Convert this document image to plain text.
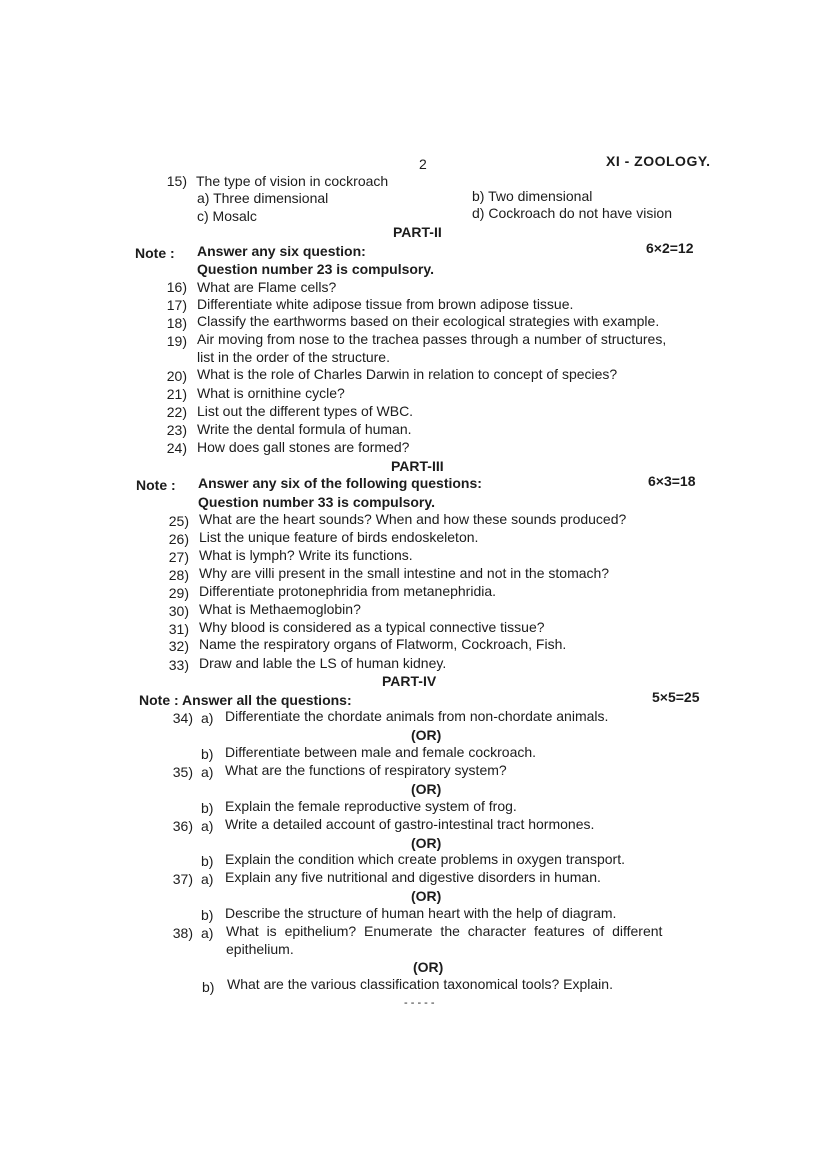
2	XI - ZOOLOGY.
15) The type of vision in cockroach
a) Three dimensional	b) Two dimensional
c) Mosalc	d) Cockroach do not have vision
PART-II
Note : Answer any six question:	6×2=12
Question number 23 is compulsory.
16) What are Flame cells?
17) Differentiate white adipose tissue from brown adipose tissue.
18) Classify the earthworms based on their ecological strategies with example.
19) Air moving from nose to the trachea passes through a number of structures,
list in the order of the structure.
20) What is the role of Charles Darwin in relation to concept of species?
21) What is ornithine cycle?
22) List out the different types of WBC.
23) Write the dental formula of human.
24) How does gall stones are formed?
PART-III
Note : Answer any six of the following questions:	6×3=18
Question number 33 is compulsory.
25) What are the heart sounds? When and how these sounds produced?
26) List the unique feature of birds endoskeleton.
27) What is lymph? Write its functions.
28) Why are villi present in the small intestine and not in the stomach?
29) Differentiate protonephridia from metanephridia.
30) What is Methaemoglobin?
31) Why blood is considered as a typical connective tissue?
32) Name the respiratory organs of Flatworm, Cockroach, Fish.
33) Draw and lable the LS of human kidney.
PART-IV
Note : Answer all the questions:	5×5=25
34) a) Differentiate the chordate animals from non-chordate animals.
(OR)
b) Differentiate between male and female cockroach.
35) a) What are the functions of respiratory system?
(OR)
b) Explain the female reproductive system of frog.
36) a) Write a detailed account of gastro-intestinal tract hormones.
(OR)
b) Explain the condition which create problems in oxygen transport.
37) a) Explain any five nutritional and digestive disorders in human.
(OR)
b) Describe the structure of human heart with the help of diagram.
38) a) What is epithelium? Enumerate the character features of different
epithelium.
(OR)
b) What are the various classification taxonomical tools? Explain.
- - - - -
